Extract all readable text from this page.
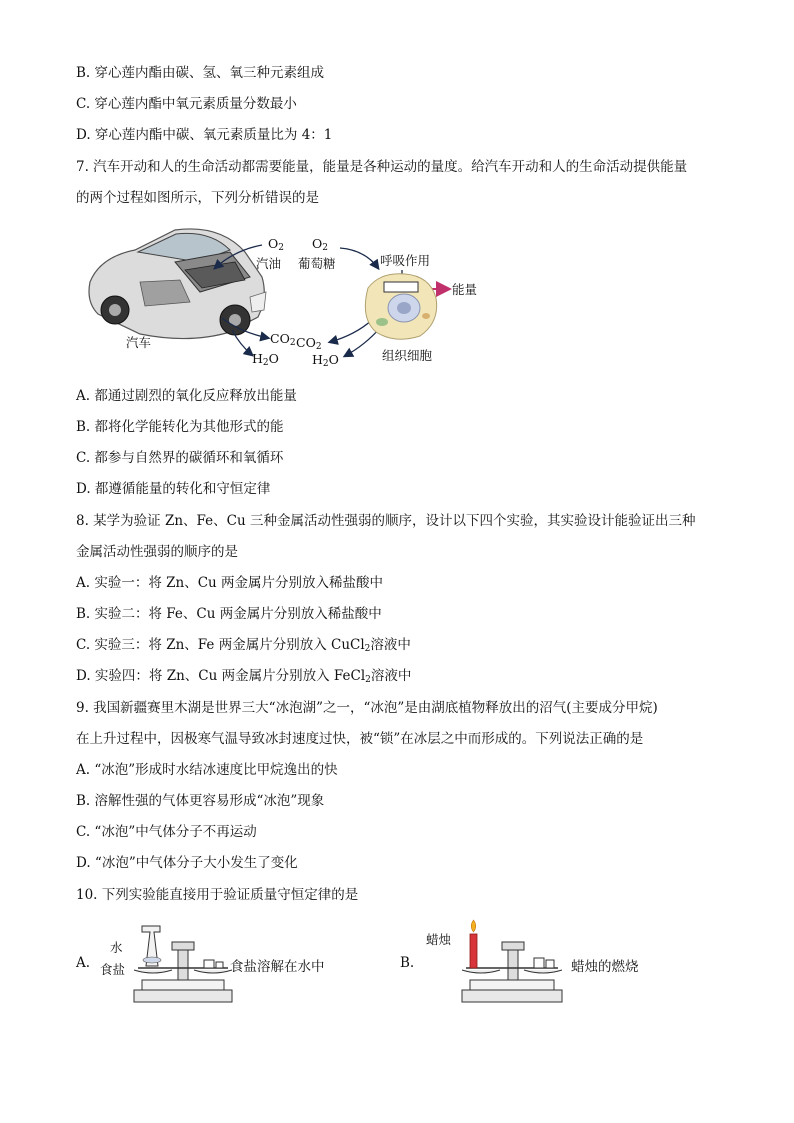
B. 穿心莲内酯由碳、氢、氧三种元素组成
C. 穿心莲内酯中氧元素质量分数最小
D. 穿心莲内酯中碳、氧元素质量比为 4：1
7. 汽车开动和人的生命活动都需要能量，能量是各种运动的量度。给汽车开动和人的生命活动提供能量
的两个过程如图所示，下列分析错误的是
$O_2$
汽油
$O_2$
葡萄糖	呼吸作用
能量
$CO_2$ $CO_2$
汽车
$H_2O$	$H_2O$	组织细胞
A. 都通过剧烈的氧化反应释放出能量
B. 都将化学能转化为其他形式的能
C. 都参与自然界的碳循环和氧循环
D. 都遵循能量的转化和守恒定律
8. 某学为验证 Zn、Fe、Cu 三种金属活动性强弱的顺序，设计以下四个实验，其实验设计能验证出三种
金属活动性强弱的顺序的是
A. 实验一：将 Zn、Cu 两金属片分别放入稀盐酸中
B. 实验二：将 Fe、Cu 两金属片分别放入稀盐酸中
C. 实验三：将 Zn、Fe 两金属片分别放入 CuCl$_2$溶液中
D. 实验四：将 Zn、Cu 两金属片分别放入 FeCl$_2$溶液中
9. 我国新疆赛里木湖是世界三大“冰泡湖”之一，“冰泡”是由湖底植物释放出的沼气(主要成分甲烷)
在上升过程中，因极寒气温导致冰封速度过快，被“锁”在冰层之中而形成的。下列说法正确的是
A. “冰泡”形成时水结冰速度比甲烷逸出的快
B. 溶解性强的气体更容易形成“冰泡”现象
C. “冰泡”中气体分子不再运动
D. “冰泡”中气体分子大小发生了变化
10. 下列实验能直接用于验证质量守恒定律的是
A.
水
食盐	食盐溶解在水中	B.
蜡烛
蜡烛的燃烧
